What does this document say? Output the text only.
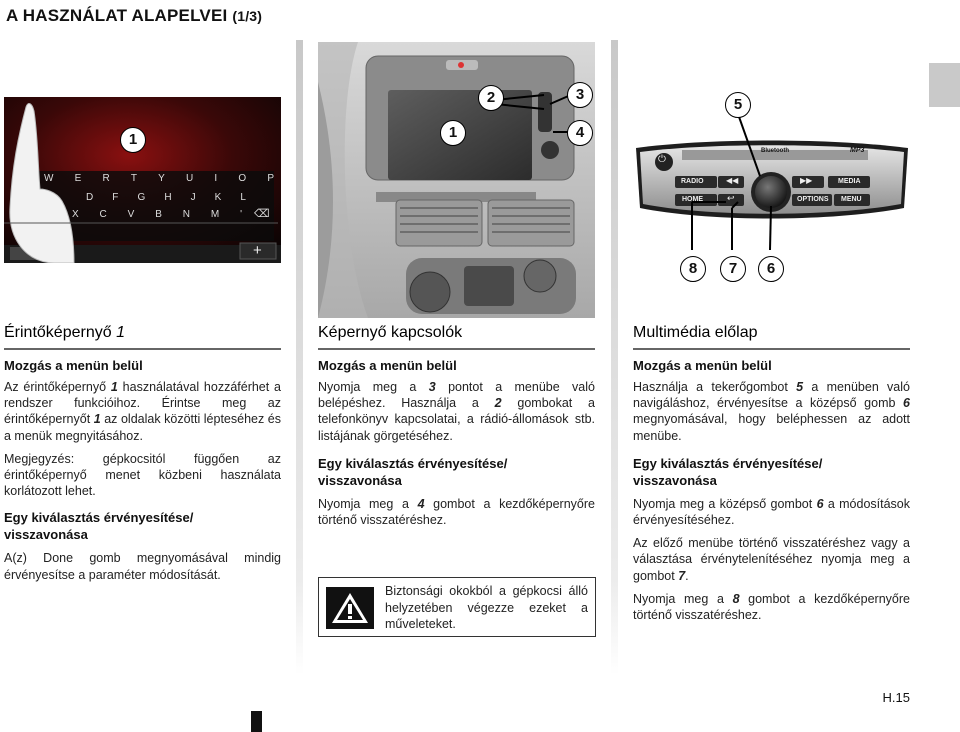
A HASZNÁLAT ALAPELVEI (1/3)
W E R T Y U I O P
D F G H J K L
X C V B N M ' ⌫
+
1	1
2	3
4
⏻
Bluetooth	MP3
RADIO	◀◀	▶▶	MEDIA
HOME	↩	OPTIONS MENU
5
8	7	6
Érintőképernyő 1
Mozgás a menün belül
Az érintőképernyő 1 használatával hozzáférhet a rendszer funkcióihoz. Érintse meg az érintőképernyőt 1 az oldalak közötti lépteséhez és a menük megnyitásához.
Megjegyzés: gépkocsitól függően az érintőképernyő menet közbeni használata korlátozott lehet.
Egy kiválasztás érvényesítése/ visszavonása
A(z) Done gomb megnyomásával mindig érvényesítse a paraméter módosítását.
Képernyő kapcsolók
Mozgás a menün belül
Nyomja meg a 3 pontot a menübe való belépéshez. Használja a 2 gombokat a telefonkönyv kapcsolatai, a rádió-állomások stb. listájának görgetéséhez.
Egy kiválasztás érvényesítése/ visszavonása
Nyomja meg a 4 gombot a kezdőképernyőre történő visszatéréshez.
Biztonsági okokból a gépkocsi álló helyzetében végezze ezeket a műveleteket.
Multimédia előlap
Mozgás a menün belül
Használja a tekerőgombot 5 a menüben való navigáláshoz, érvényesítse a középső gomb 6 megnyomásával, hogy beléphessen az adott menübe.
Egy kiválasztás érvényesítése/ visszavonása
Nyomja meg a középső gombot 6 a módosítások érvényesítéséhez.
Az előző menübe történő visszatéréshez vagy a választása érvénytelenítéséhez nyomja meg a gombot 7.
Nyomja meg a 8 gombot a kezdőképernyőre történő visszatéréshez.
H.15
